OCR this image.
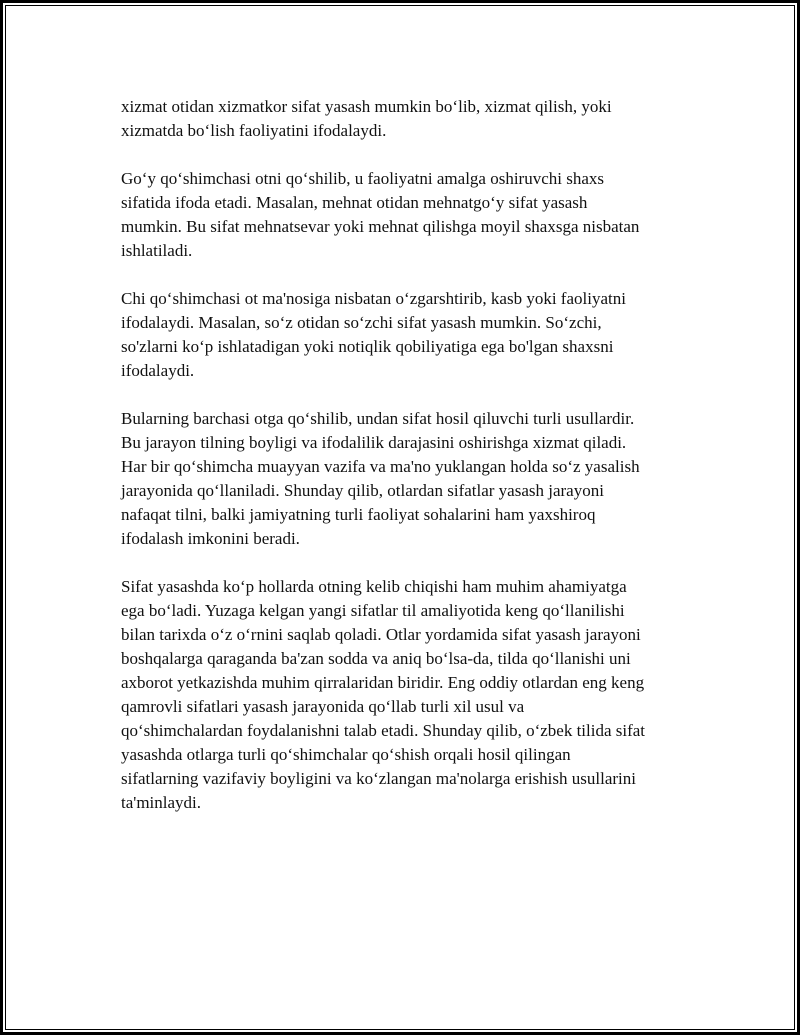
xizmat otidan xizmatkor sifat yasash mumkin bo‘lib, xizmat qilish, yoki
xizmatda bo‘lish faoliyatini ifodalaydi.

Go‘y qo‘shimchasi otni qo‘shilib, u faoliyatni amalga oshiruvchi shaxs
sifatida ifoda etadi. Masalan, mehnat otidan mehnatgo‘y sifat yasash
mumkin. Bu sifat mehnatsevar yoki mehnat qilishga moyil shaxsga nisbatan
ishlatiladi.

Chi qo‘shimchasi ot ma'nosiga nisbatan o‘zgarshtirib, kasb yoki faoliyatni
ifodalaydi. Masalan, so‘z otidan so‘zchi sifat yasash mumkin. So‘zchi,
so'zlarni ko‘p ishlatadigan yoki notiqlik qobiliyatiga ega bo'lgan shaxsni
ifodalaydi.

Bularning barchasi otga qo‘shilib, undan sifat hosil qiluvchi turli usullardir.
Bu jarayon tilning boyligi va ifodalilik darajasini oshirishga xizmat qiladi.
Har bir qo‘shimcha muayyan vazifa va ma'no yuklangan holda so‘z yasalish
jarayonida qo‘llaniladi. Shunday qilib, otlardan sifatlar yasash jarayoni
nafaqat tilni, balki jamiyatning turli faoliyat sohalarini ham yaxshiroq
ifodalash imkonini beradi.

Sifat yasashda ko‘p hollarda otning kelib chiqishi ham muhim ahamiyatga
ega bo‘ladi. Yuzaga kelgan yangi sifatlar til amaliyotida keng qo‘llanilishi
bilan tarixda o‘z o‘rnini saqlab qoladi. Otlar yordamida sifat yasash jarayoni
boshqalarga qaraganda ba'zan sodda va aniq bo‘lsa-da, tilda qo‘llanishi uni
axborot yetkazishda muhim qirralaridan biridir. Eng oddiy otlardan eng keng
qamrovli sifatlari yasash jarayonida qo‘llab turli xil usul va
qo‘shimchalardan foydalanishni talab etadi. Shunday qilib, o‘zbek tilida sifat
yasashda otlarga turli qo‘shimchalar qo‘shish orqali hosil qilingan
sifatlarning vazifaviy boyligini va ko‘zlangan ma'nolarga erishish usullarini
ta'minlaydi.
